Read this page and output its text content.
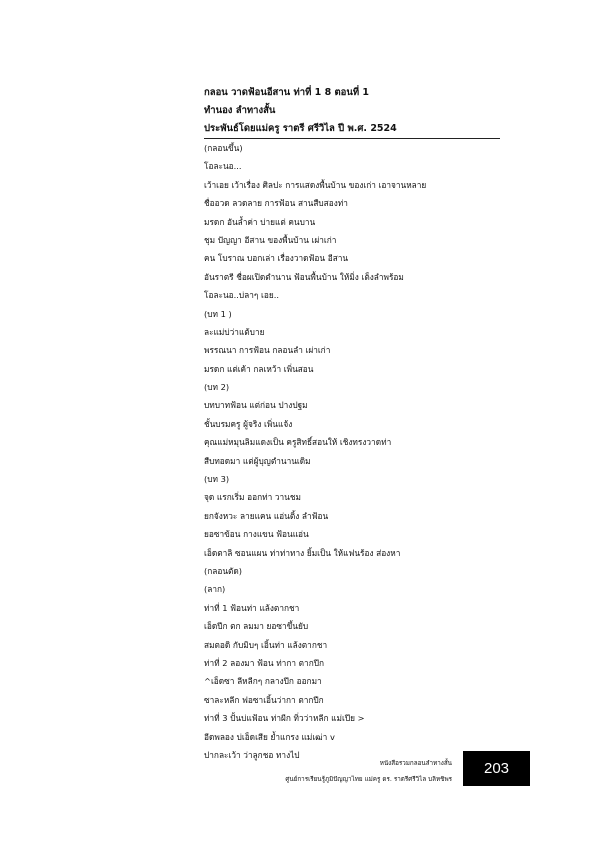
กลอน วาดฟ้อนอีสาน ท่าที่ 1 8 ตอนที่ 1
ทำนอง ลำทางสั้น
ประพันธ์โดยแม่ครู ราตรี ศรีวิไล ปี พ.ศ. 2524
(กลอนขึ้น)
โอละนอ...
เว้าเอย เว้าเรื่อง ศิลปะ การแสดงพื้นบ้าน ของเก่า เอาจานหลาย
ชื่ออวด ลวดลาย การฟ้อน สานสืบสองท่า
มรดก อันล้ำค่า บ่ายแต่ คนบาน
ชุม ปัญญา อีสาน ของพื้นบ้าน เผ่าเก่า
คน โบราณ บอกเล่า เรื่องวาดฟ้อน อีสาน
อันราตรี ชื่อผเปิดตำนาน ฟ้อนพื้นบ้าน ให้มิ่ง เต็งลำพร้อม
โอละนอ..บ่ลาๆ เอย..
(บท 1 )
ละแม่บ่ว่าแต้บาย
พรรณนา การฟ้อน กลอนลำ เผ่าเก่า
มรดก แต่เค้า กลเหว้า เพิ่นสอน
(บท 2)
บทบาทฟ้อน แต่ก่อน ปางปฐม
ชั้นบรมครู ผู้จริง เพิ่นแจ้ง
คุณแม่หมุนลิมแดงเป็น ครูสิทธิ์สอนให้ เชิงทรงวาดท่า
สืบทอดมา แต่ผู้บุญตำนานเดิม
(บท 3)
จุด แรกเริ่ม ออกท่า วานชม
ยกจังหวะ ลายแคน แอ่นติ้ง ลำฟ้อน
ยอซาข้อน กางแขน ฟ้อนแอ่น
เอ็ดตาลิ ซอนแผน ท่าท่าทาง ยิ้มเป็น ให้แฟนร้อง ส่องหา
(กลอนตัด)
(ลาก)
ท่าที่ 1 ฟ้อนท่า แล้งตากชา
เอ็ดปีก ตก ลมมา ยอซาขึ้นยับ
สมตอดิ กับมิบๆ เอิ้นท่า แล้งตากชา
ท่าที่ 2 ลองมา ฟ้อน ท่ากา ตากปีก
^เอ็ดซา ลีหลีกๆ กลางปีก ออกมา
ซาละหลีก ฟอซาเอิ้นว่ากา ตากปีก
ท่าที่ 3 ปั้นบ่แฟ้อน ท่าผีก ทิ่วว่าหลีก แม่เปีย >
อีดพลอง บ่เอ็ดเสีย ย้ำแกรง แม่เฒ่า v
ปากละเว้า ว่าลูกชอ ทางไป
หนังสือรวมกลอนลำทางสั้น
ศูนย์การเรียนรู้ภูมิปัญญาไทย แม่ครู ดร. ราตรีศรีวิไล บลิหชิพร
203
